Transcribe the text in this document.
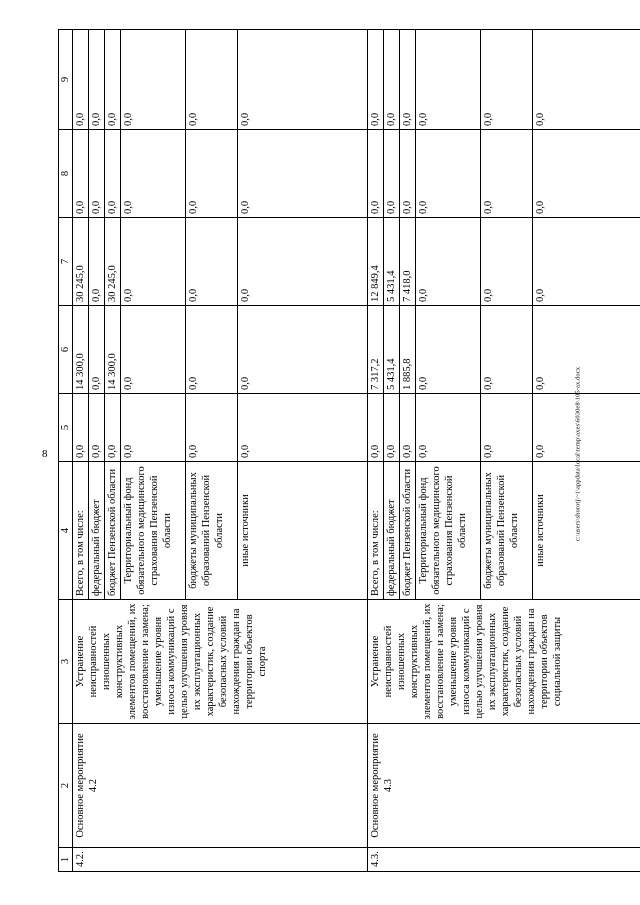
8
1	2	3	4	5	6	7	8	9
4.2.	Основное мероприятие 4.2	Устранение неисправностей изношенных конструктивных элементов помещений, их восстановление и замена; уменьшение уровня износа коммуникаций с целью улучшения уровня их эксплуатационных характеристик, создание безопасных условий нахождения граждан на территории объектов спорта	Всего, в том числе:	0,0	14 300,0	30 245,0	0,0	0,0
			федеральный бюджет	0,0	0,0	0,0	0,0	0,0
			бюджет Пензенской области	0,0	14 300,0	30 245,0	0,0	0,0
			Территориальный фонд обязательного медицинского страхования Пензенской области	0,0	0,0	0,0	0,0	0,0
			бюджеты муниципальных образований Пензенской области	0,0	0,0	0,0	0,0	0,0
			иные источники	0,0	0,0	0,0	0,0	0,0
4.3.	Основное мероприятие 4.3	Устранение неисправностей изношенных конструктивных элементов помещений, их восстановление и замена; уменьшение уровня износа коммуникаций с целью улучшения уровня их эксплуатационных характеристик, создание безопасных условий нахождения граждан на территории объектов социальной защиты	Всего, в том числе:	0,0	7 317,2	12 849,4	0,0	0,0
			федеральный бюджет	0,0	5 431,4	5 431,4	0,0	0,0
			бюджет Пензенской области	0,0	1 885,8	7 418,0	0,0	0,0
			Территориальный фонд обязательного медицинского страхования Пензенской области	0,0	0,0	0,0	0,0	0,0
			бюджеты муниципальных образований Пензенской области	0,0	0,0	0,0	0,0	0,0
			иные источники	0,0	0,0	0,0	0,0	0,0
c:\users\shorotj\~1\appdata\local\temp\axes\6030e8\105-ax.docx
